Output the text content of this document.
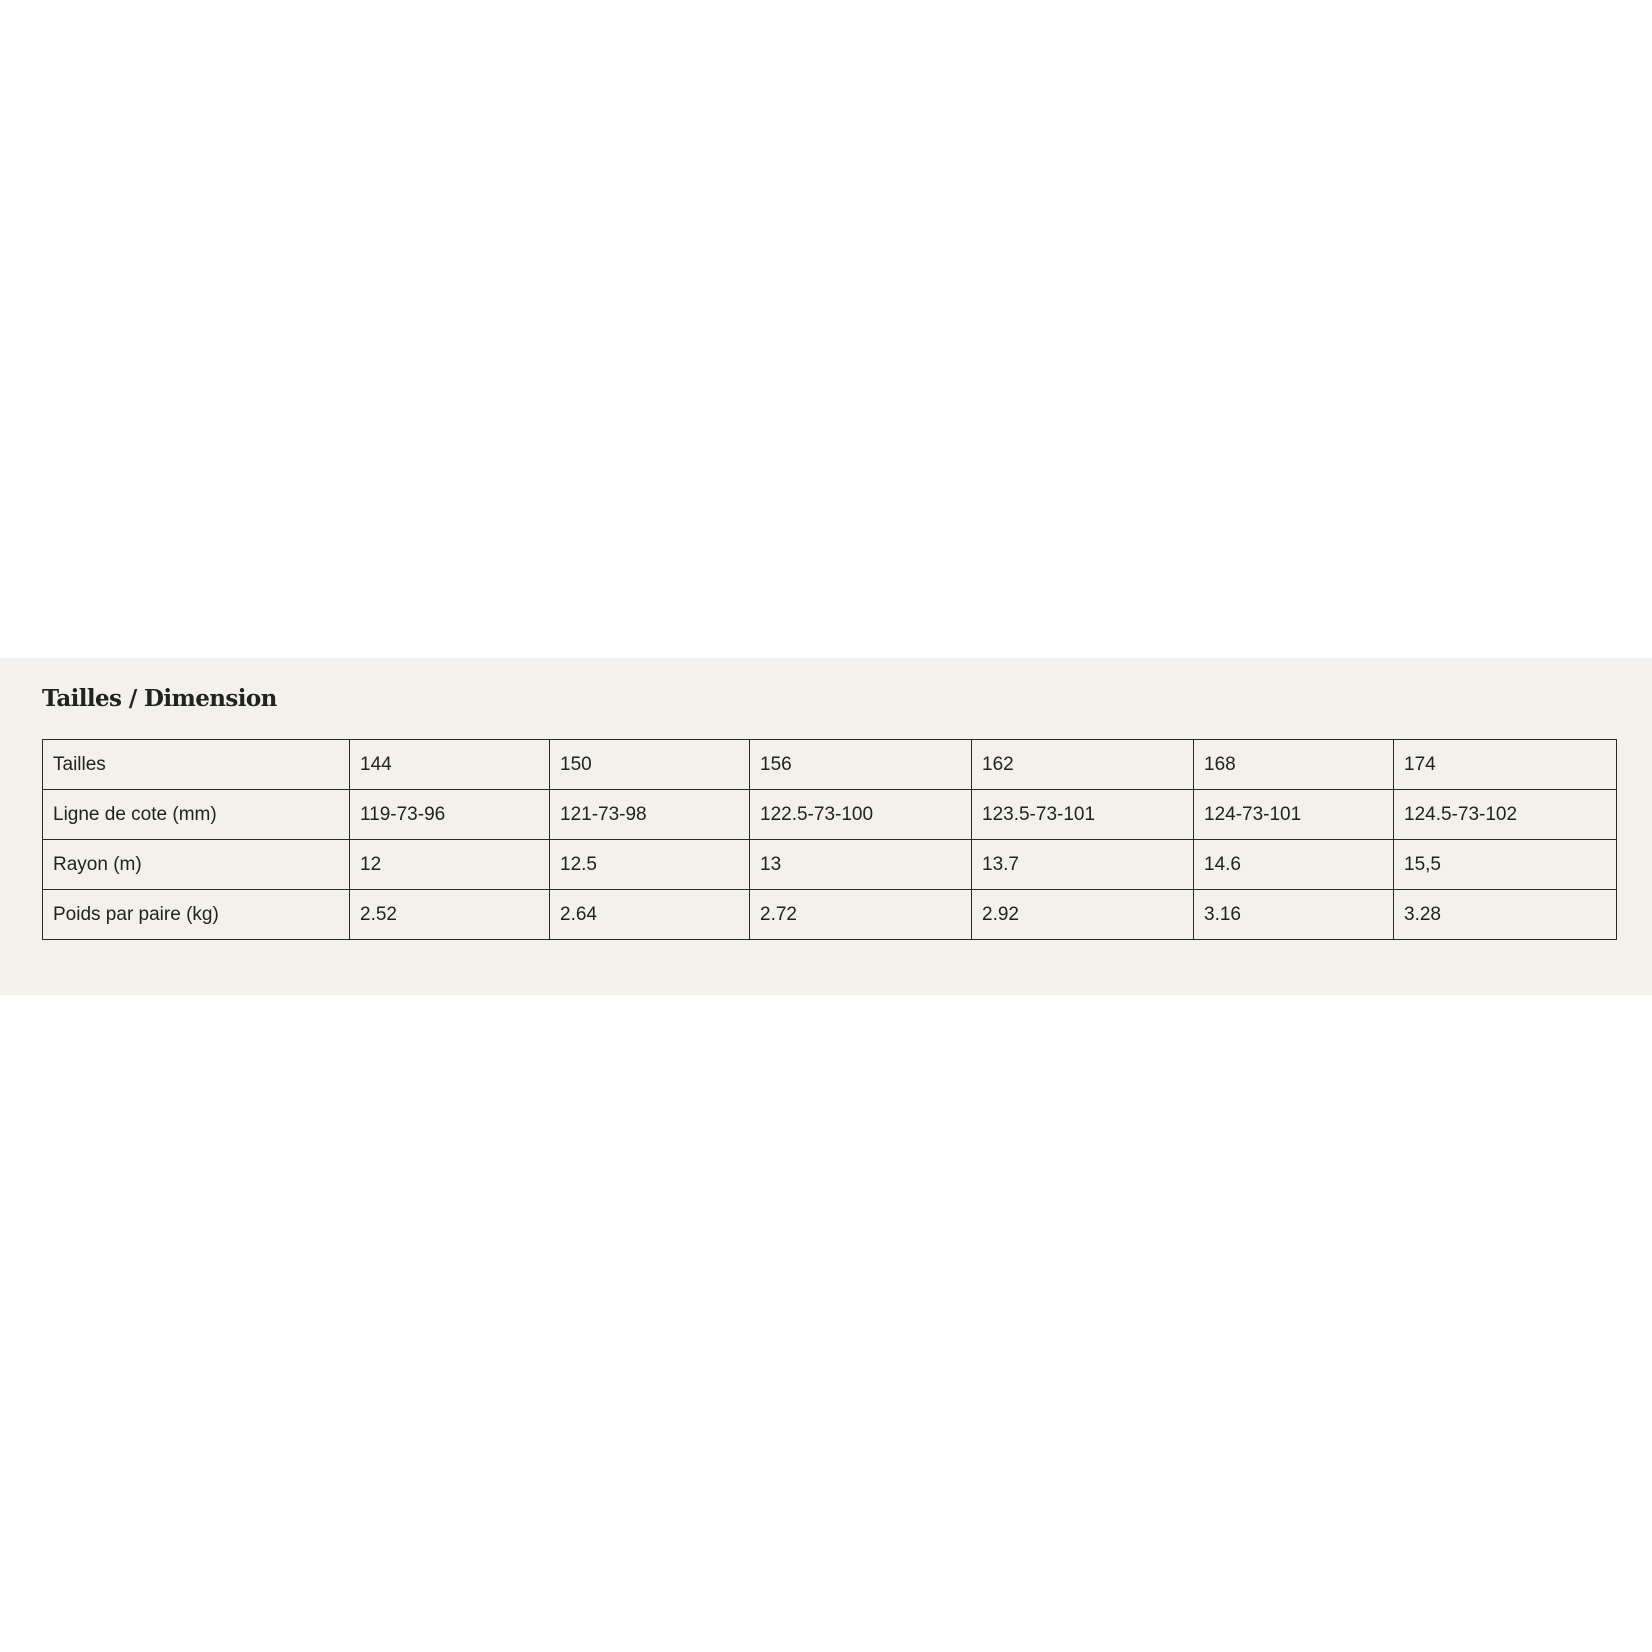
Tailles / Dimension
Tailles	144	150	156	162	168	174
Ligne de cote (mm)	119-73-96	121-73-98	122.5-73-100	123.5-73-101	124-73-101	124.5-73-102
Rayon (m)	12	12.5	13	13.7	14.6	15,5
Poids par paire (kg)	2.52	2.64	2.72	2.92	3.16	3.28
